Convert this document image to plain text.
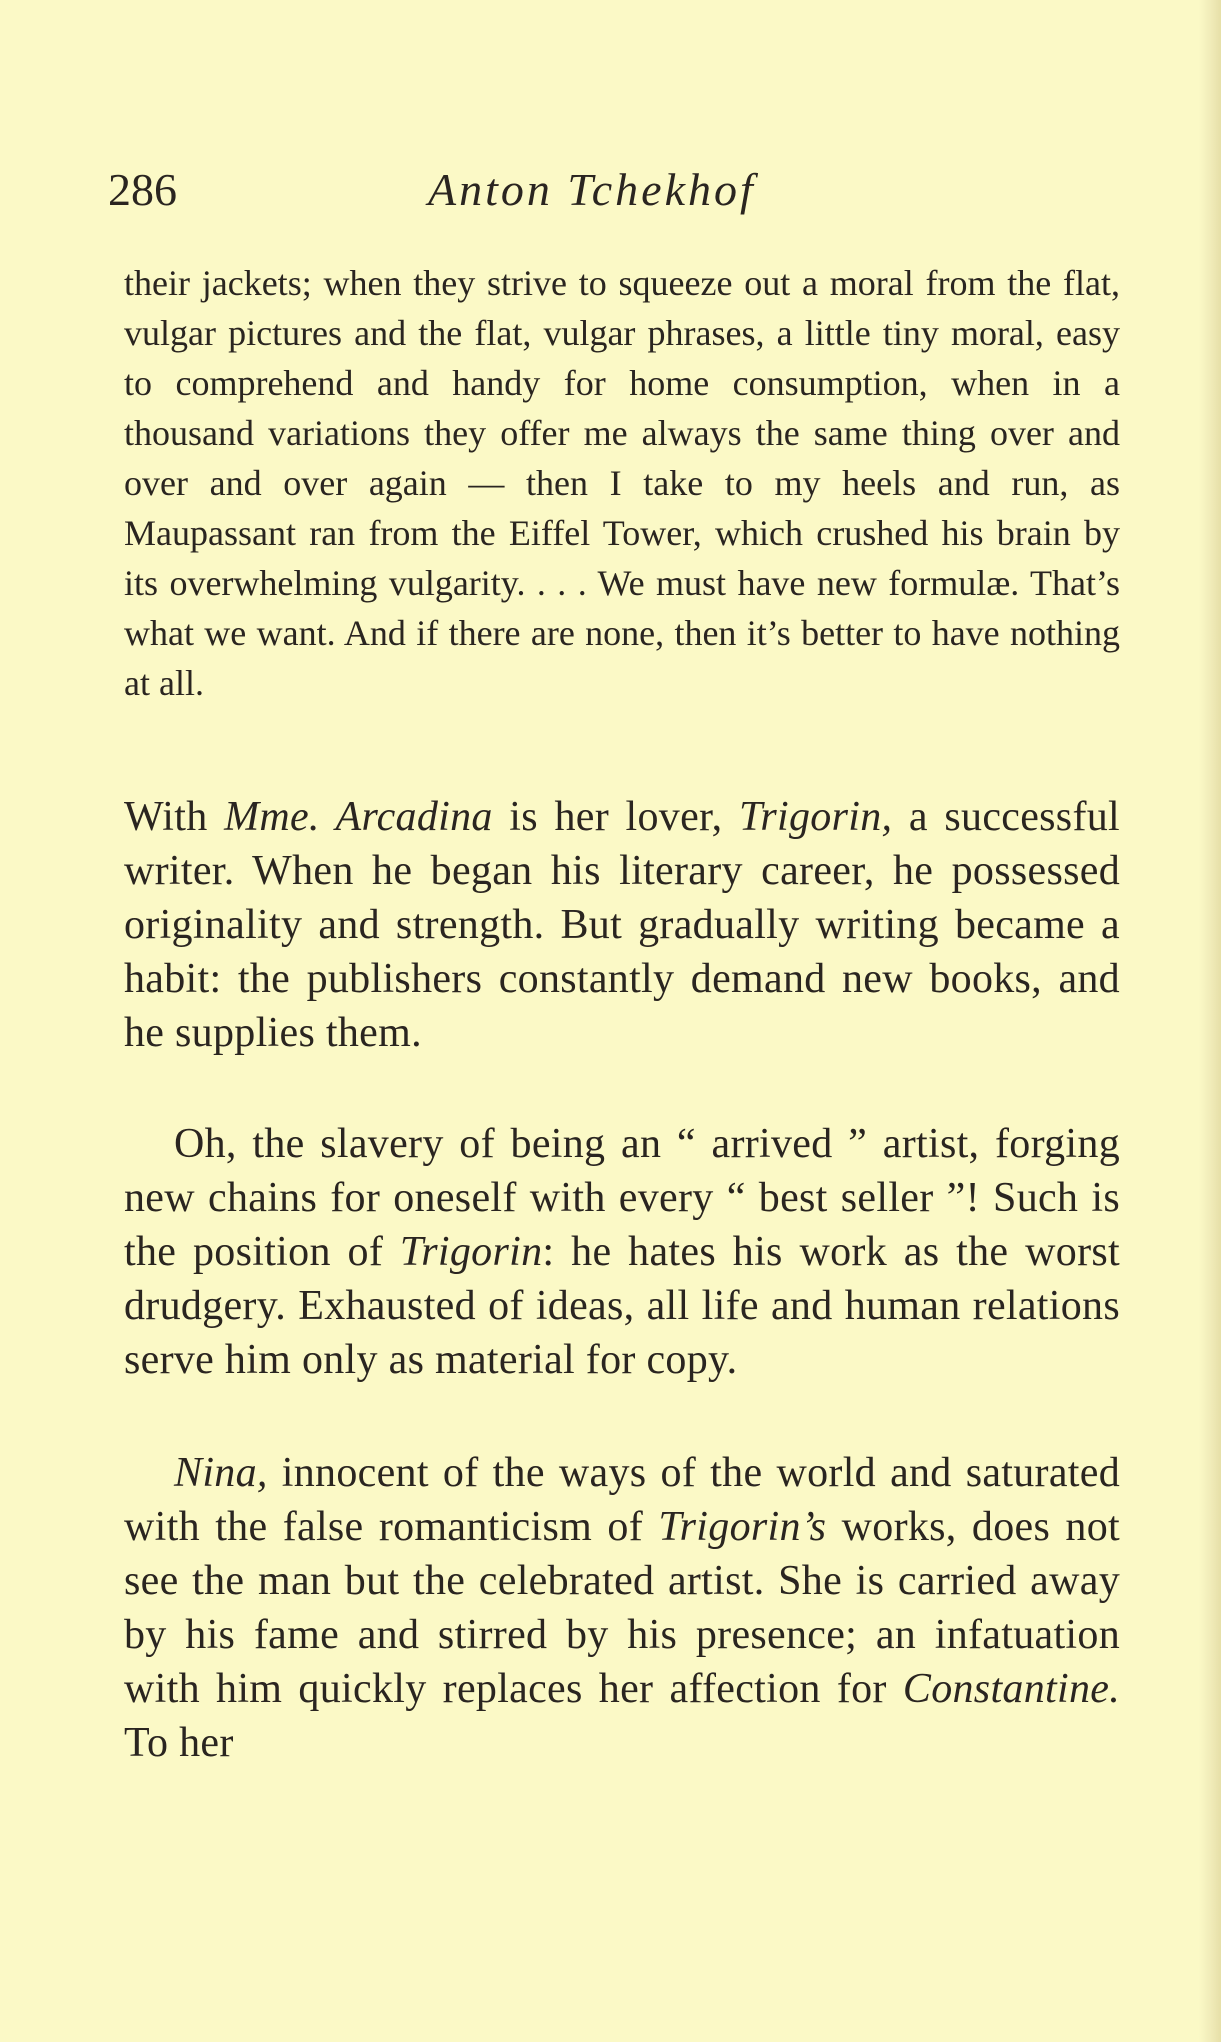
286	Anton Tchekhof

their jackets; when they strive to squeeze out a moral from the flat, vulgar pictures and the flat, vulgar phrases, a little tiny moral, easy to comprehend and handy for home consumption, when in a thousand variations they offer me always the same thing over and over and over again — then I take to my heels and run, as Maupassant ran from the Eiffel Tower, which crushed his brain by its overwhelming vulgarity. . . . We must have new formulæ. That’s what we want. And if there are none, then it’s better to have nothing at all.

With Mme. Arcadina is her lover, Trigorin, a successful writer. When he began his literary career, he possessed originality and strength. But gradually writing became a habit: the publishers constantly demand new books, and he supplies them.

Oh, the slavery of being an “ arrived ” artist, forging new chains for oneself with every “ best seller ”! Such is the position of Trigorin: he hates his work as the worst drudgery. Exhausted of ideas, all life and human relations serve him only as material for copy.

Nina, innocent of the ways of the world and saturated with the false romanticism of Trigorin’s works, does not see the man but the celebrated artist. She is carried away by his fame and stirred by his presence; an infatuation with him quickly replaces her affection for Constantine. To her
